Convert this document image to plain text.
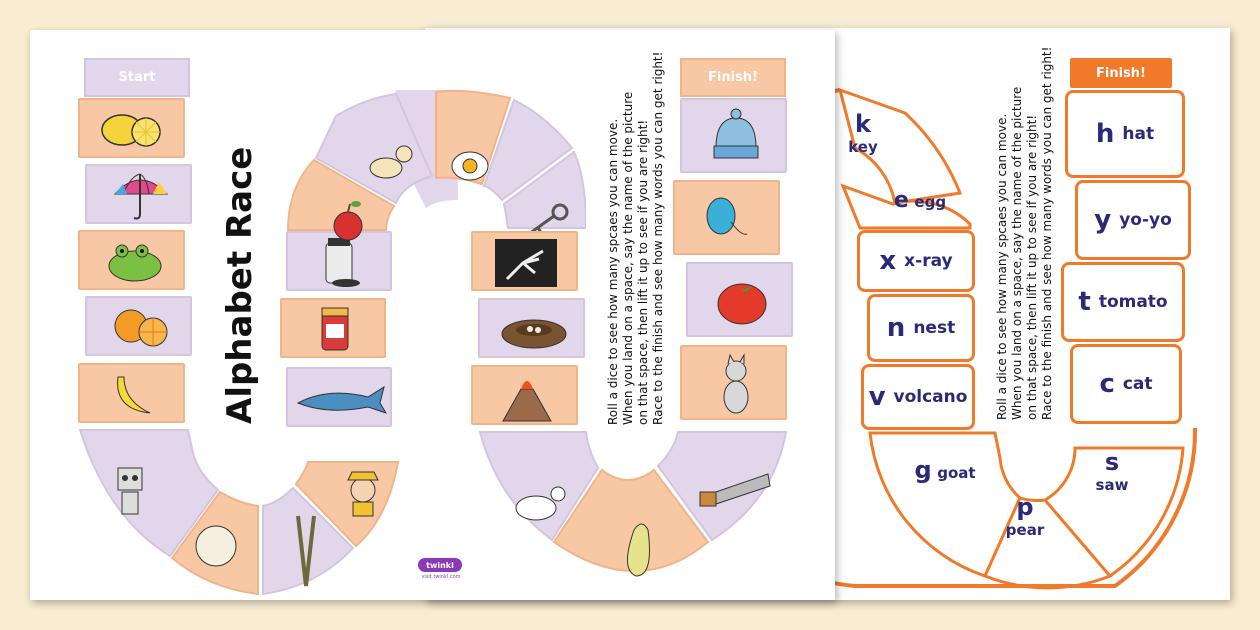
Finish!
h hat
y yo-yo
t tomato
c cat
x x-ray
n nest
v volcano
k
key
e egg
g goat
p
pear
s
saw
Roll a dice to see how many spcaes you can move. When you land on a space, say the name of the picture on that space, then lift it up to see if you are right! Race to the finish and see how many words you can get right!
Start	Finish!
Alphabet Race	Roll a dice to see how many spcaes you can move. When you land on a space, say the name of the picture on that space, then lift it up to see if you are right! Race to the finish and see how many words you can get right!
twinkl
visit twinkl.com
